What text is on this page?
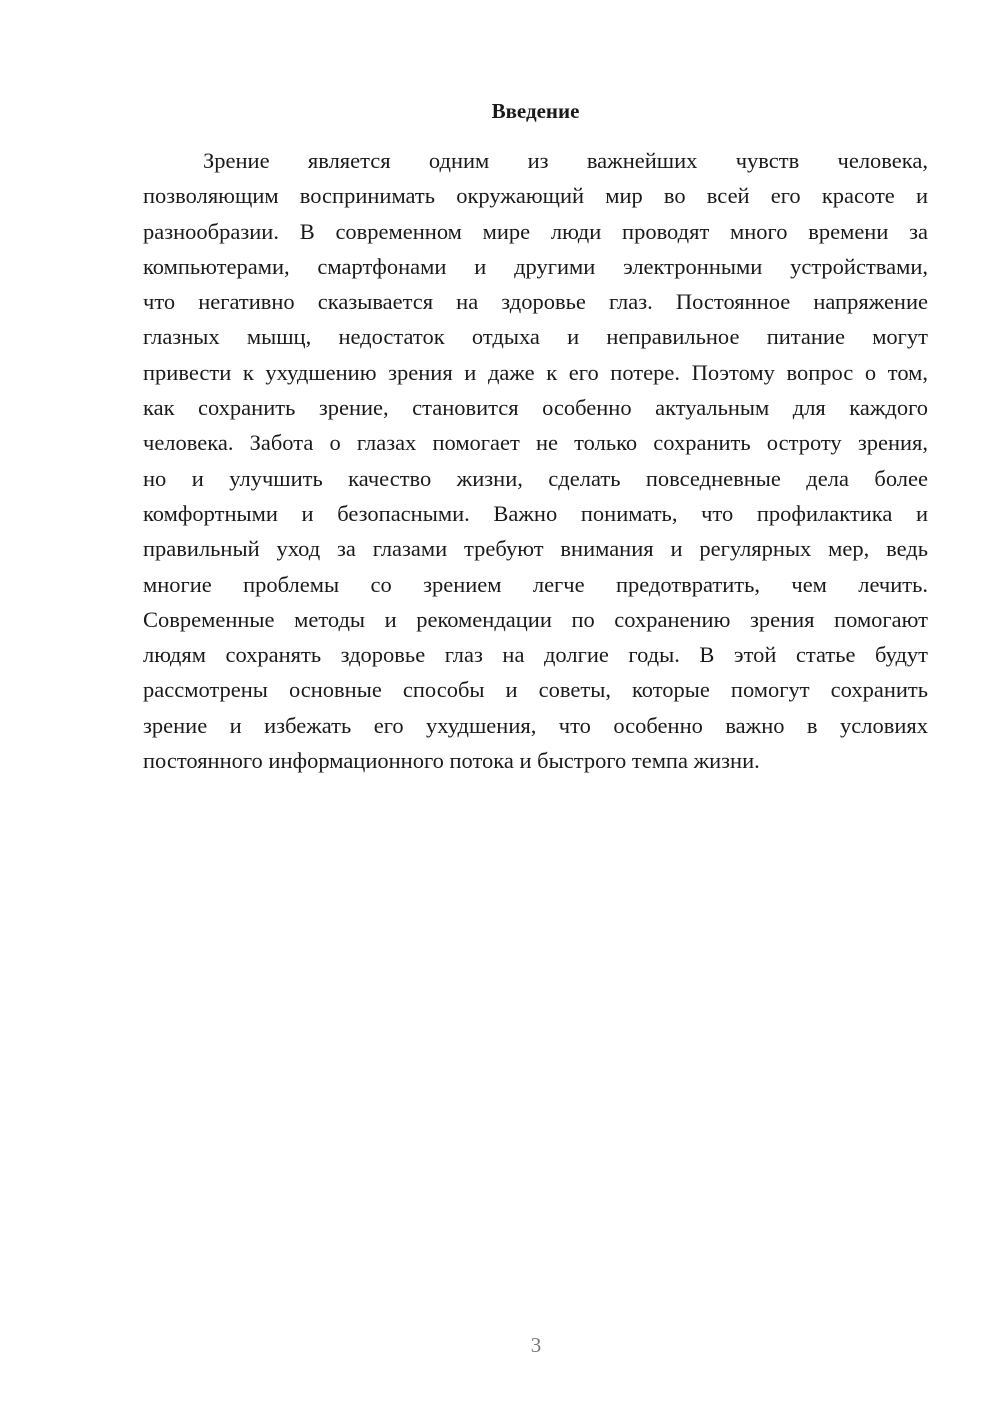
Введение
Зрение является одним из важнейших чувств человека,
позволяющим воспринимать окружающий мир во всей его красоте и
разнообразии. В современном мире люди проводят много времени за
компьютерами, смартфонами и другими электронными устройствами,
что негативно сказывается на здоровье глаз. Постоянное напряжение
глазных мышц, недостаток отдыха и неправильное питание могут
привести к ухудшению зрения и даже к его потере. Поэтому вопрос о том,
как сохранить зрение, становится особенно актуальным для каждого
человека. Забота о глазах помогает не только сохранить остроту зрения,
но и улучшить качество жизни, сделать повседневные дела более
комфортными и безопасными. Важно понимать, что профилактика и
правильный уход за глазами требуют внимания и регулярных мер, ведь
многие проблемы со зрением легче предотвратить, чем лечить.
Современные методы и рекомендации по сохранению зрения помогают
людям сохранять здоровье глаз на долгие годы. В этой статье будут
рассмотрены основные способы и советы, которые помогут сохранить
зрение и избежать его ухудшения, что особенно важно в условиях
постоянного информационного потока и быстрого темпа жизни.

3
